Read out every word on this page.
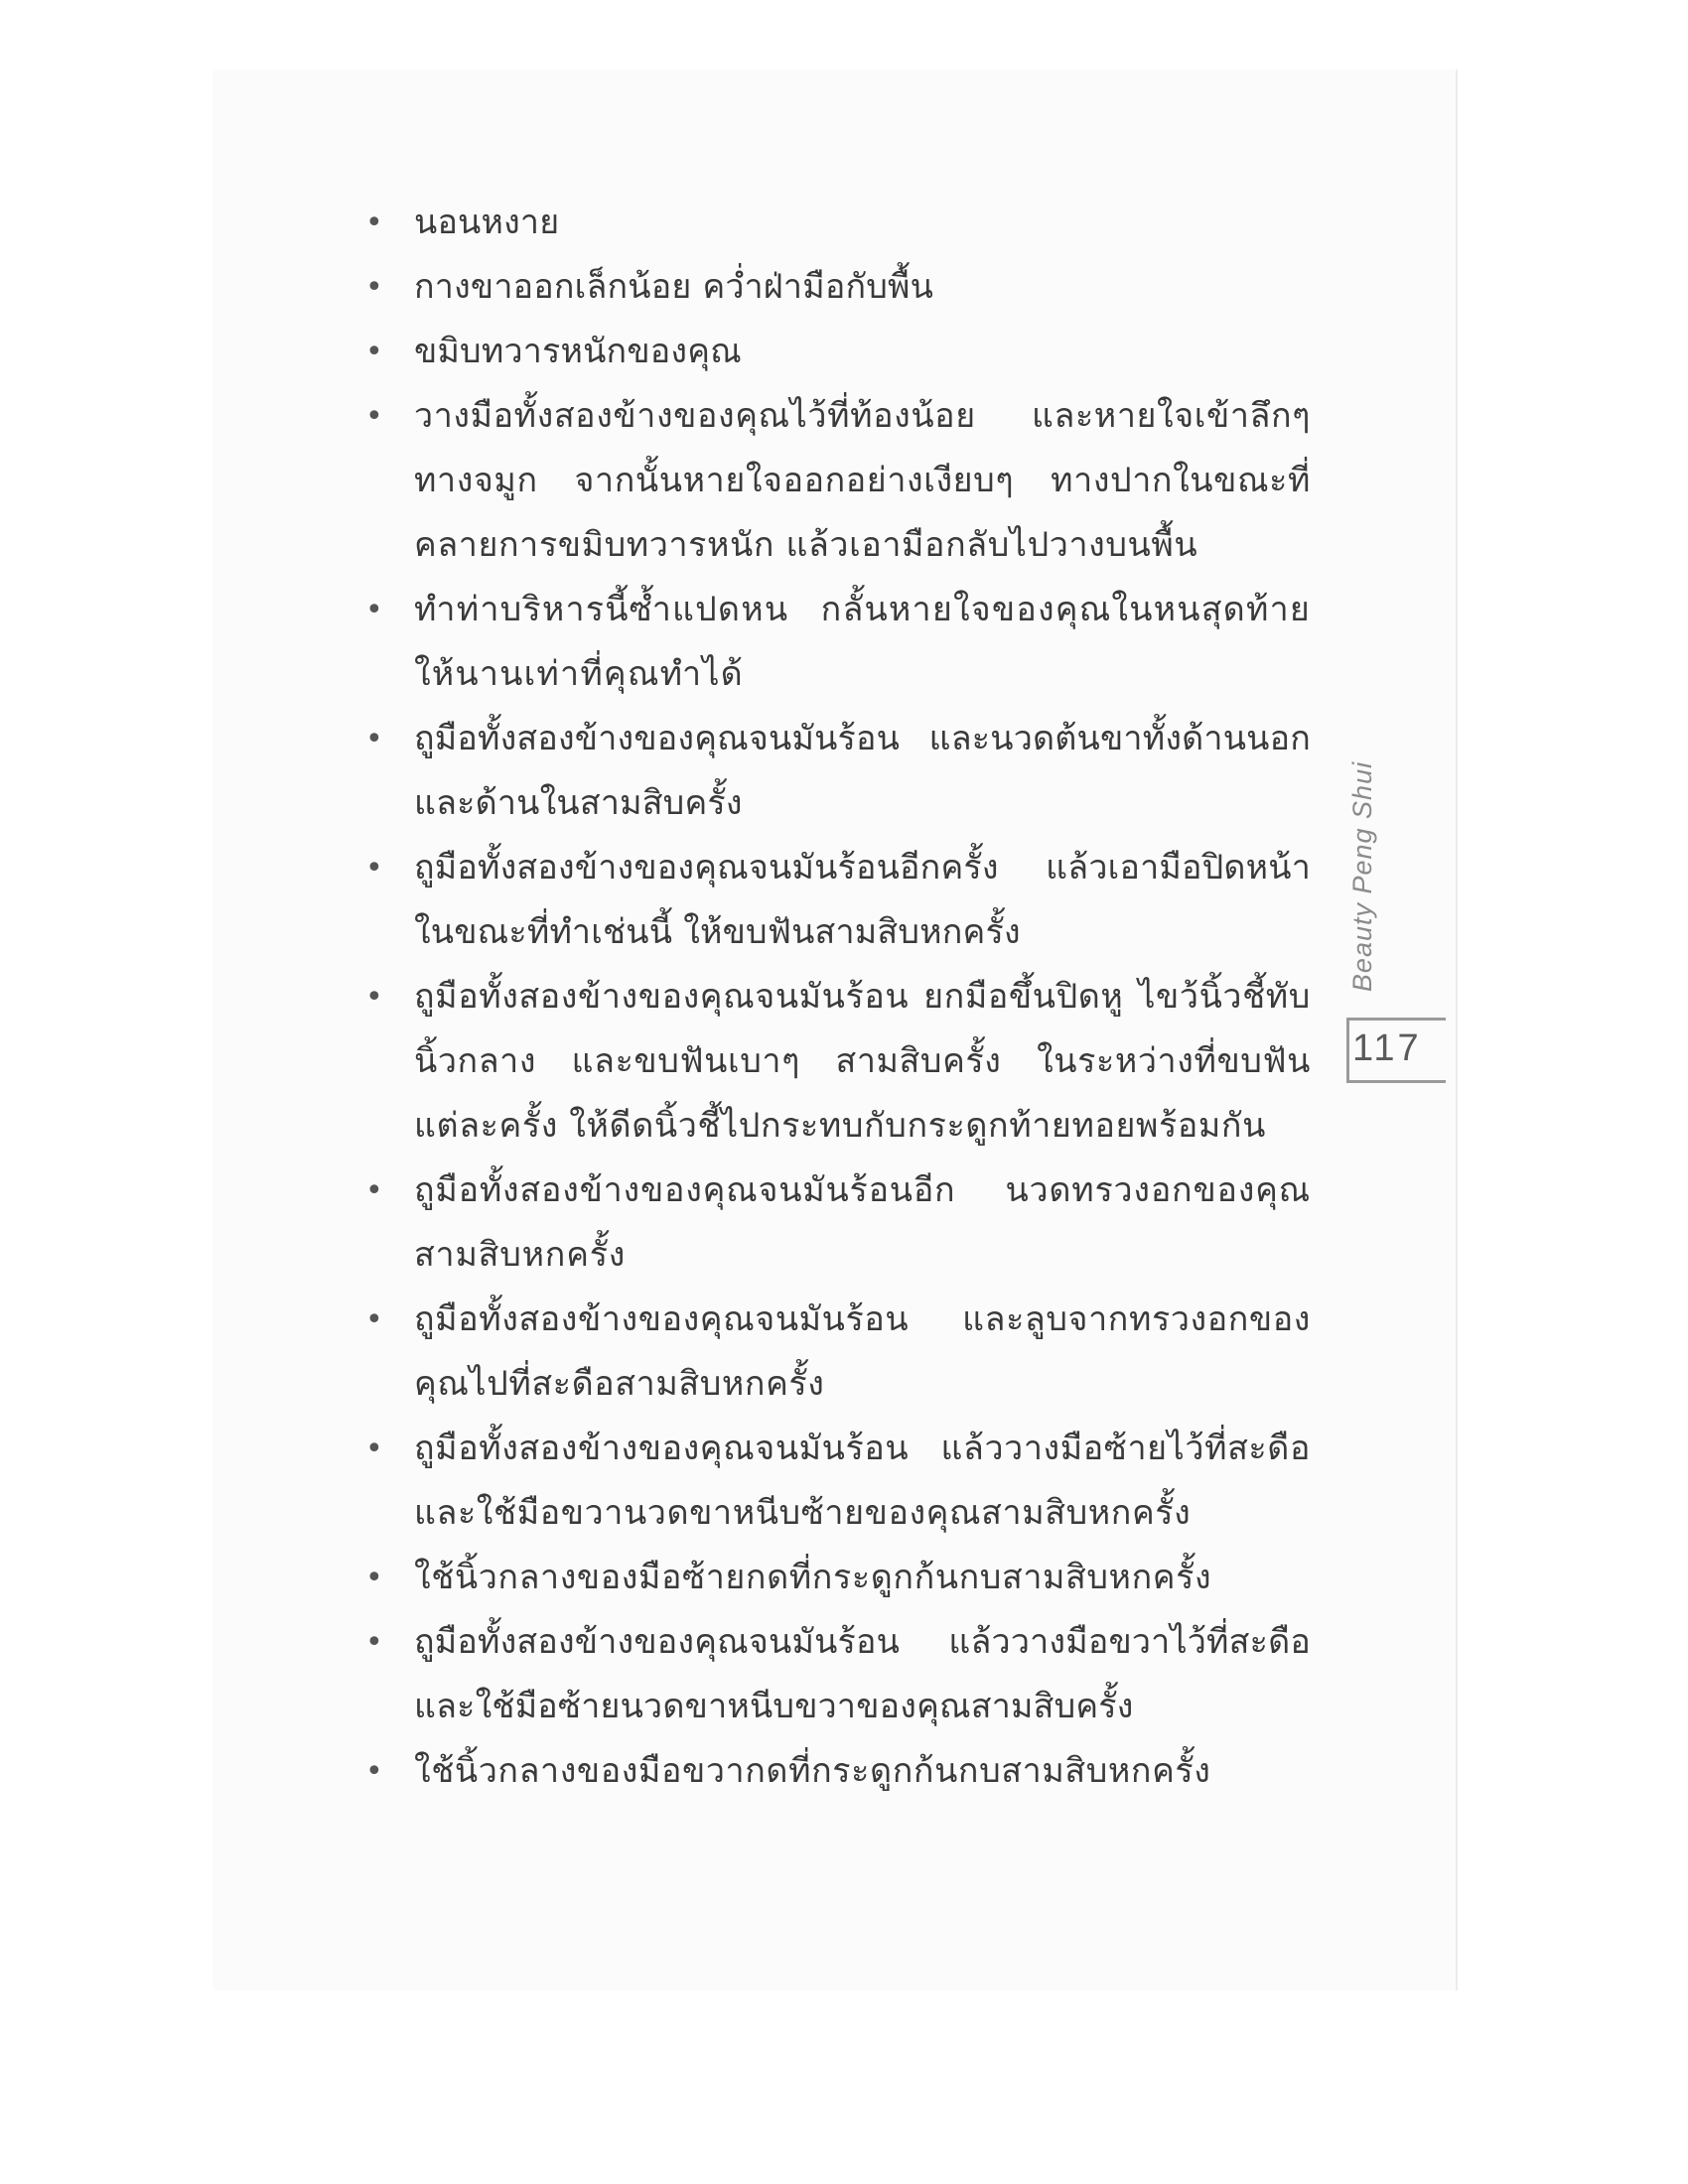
• นอนหงาย
• กางขาออกเล็กน้อย คว่ำฝ่ามือกับพื้น
• ขมิบทวารหนักของคุณ
• วางมือทั้งสองข้างของคุณไว้ที่ท้องน้อย และหายใจเข้าลึกๆ ทางจมูก จากนั้นหายใจออกอย่างเงียบๆ ทางปากในขณะที่คลายการขมิบทวารหนัก แล้วเอามือกลับไปวางบนพื้น
• ทำท่าบริหารนี้ซ้ำแปดหน กลั้นหายใจของคุณในหนสุดท้ายให้นานเท่าที่คุณทำได้
• ถูมือทั้งสองข้างของคุณจนมันร้อน และนวดต้นขาทั้งด้านนอกและด้านในสามสิบครั้ง
• ถูมือทั้งสองข้างของคุณจนมันร้อนอีกครั้ง แล้วเอามือปิดหน้าในขณะที่ทำเช่นนี้ ให้ขบฟันสามสิบหกครั้ง
• ถูมือทั้งสองข้างของคุณจนมันร้อน ยกมือขึ้นปิดหู ไขว้นิ้วชี้ทับนิ้วกลาง และขบฟันเบาๆ สามสิบครั้ง ในระหว่างที่ขบฟันแต่ละครั้ง ให้ดีดนิ้วชี้ไปกระทบกับกระดูกท้ายทอยพร้อมกัน
• ถูมือทั้งสองข้างของคุณจนมันร้อนอีก นวดทรวงอกของคุณสามสิบหกครั้ง
• ถูมือทั้งสองข้างของคุณจนมันร้อน และลูบจากทรวงอกของคุณไปที่สะดือสามสิบหกครั้ง
• ถูมือทั้งสองข้างของคุณจนมันร้อน แล้ววางมือซ้ายไว้ที่สะดือและใช้มือขวานวดขาหนีบซ้ายของคุณสามสิบหกครั้ง
• ใช้นิ้วกลางของมือซ้ายกดที่กระดูกก้นกบสามสิบหกครั้ง
• ถูมือทั้งสองข้างของคุณจนมันร้อน แล้ววางมือขวาไว้ที่สะดือและใช้มือซ้ายนวดขาหนีบขวาของคุณสามสิบครั้ง
• ใช้นิ้วกลางของมือขวากดที่กระดูกก้นกบสามสิบหกครั้ง
Beauty Peng Shui
117
